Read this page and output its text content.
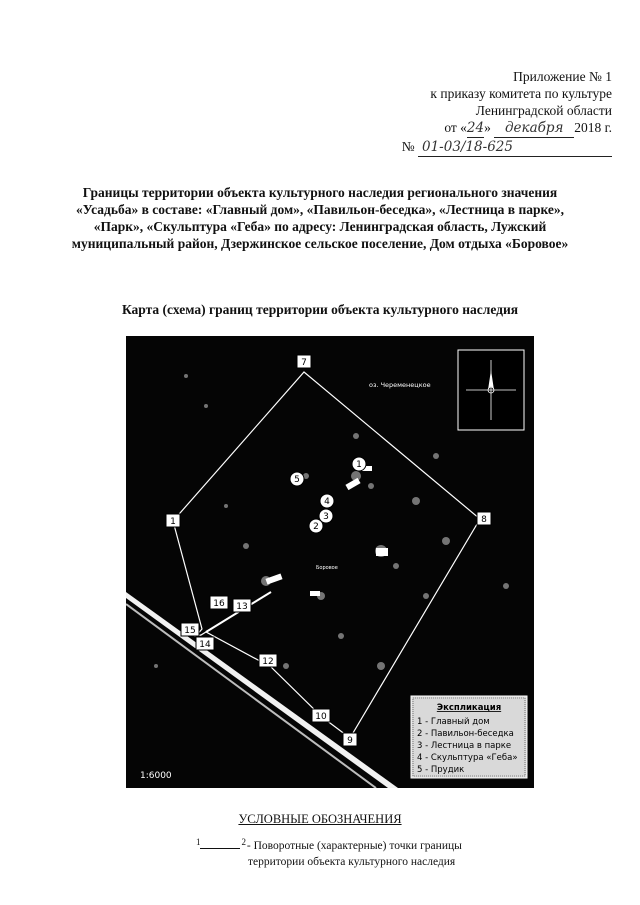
Приложение № 1
к приказу комитета по культуре
Ленинградской области
от «24» декабря 2018 г.
№ 01-03/18-625
Границы территории объекта культурного наследия регионального значения «Усадьба» в составе: «Главный дом», «Павильон-беседка», «Лестница в парке», «Парк», «Скульптура «Геба» по адресу: Ленинградская область, Лужский муниципальный район, Дзержинское сельское поселение, Дом отдыха «Боровое»
Карта (схема) границ территории объекта культурного наследия
7
8
9
10
12
13
14
15
16
1
1
2
3
4
5
оз. Череменецкое
Боровое
Экспликация
1 - Главный дом
2 - Павильон-беседка
3 - Лестница в парке
4 - Скульптура «Геба»
5 - Прудик
1:6000
УСЛОВНЫЕ ОБОЗНАЧЕНИЯ
1	2 - Поворотные (характерные) точки границы
территории объекта культурного наследия
